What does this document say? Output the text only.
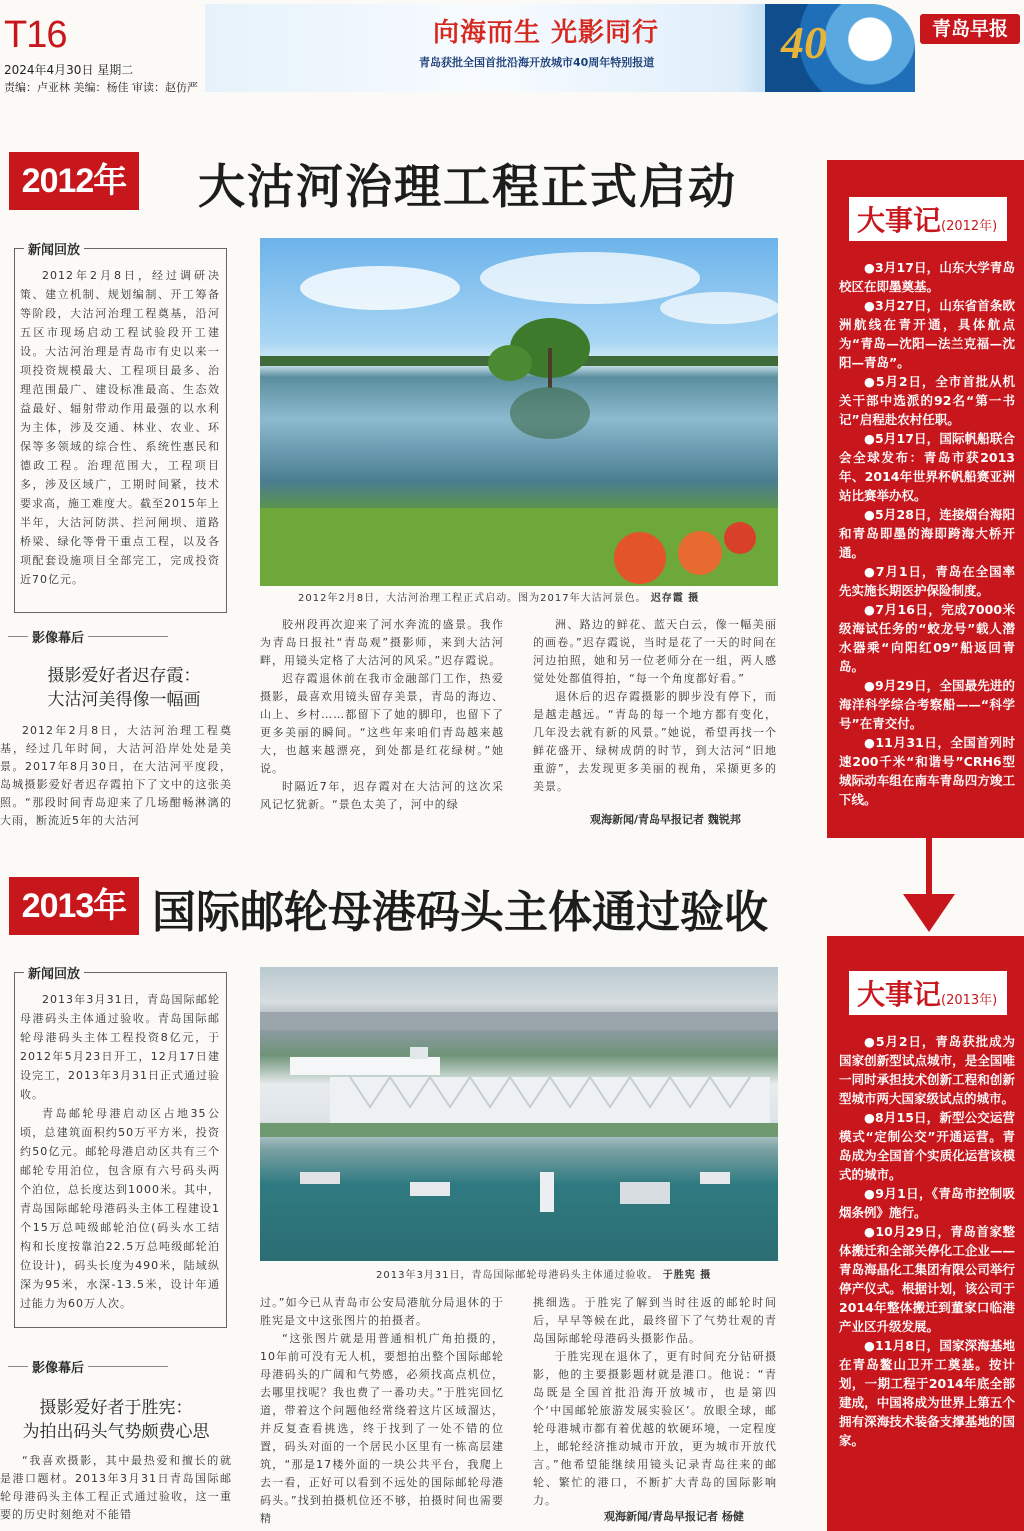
T16
2024年4月30日 星期二
责编：卢亚林 美编：杨佳 审读：赵仿严
向海而生 光影同行
青岛获批全国首批沿海开放城市40周年特别报道	40	青岛早报
2012年 大沽河治理工程正式启动
新闻回放
2012年2月8日，经过调研决策、建立机制、规划编制、开工筹备等阶段，大沽河治理工程奠基，沿河五区市现场启动工程试验段开工建设。大沽河治理是青岛市有史以来一项投资规模最大、工程项目最多、治理范围最广、建设标准最高、生态效益最好、辐射带动作用最强的以水利为主体，涉及交通、林业、农业、环保等多领域的综合性、系统性惠民和德政工程。治理范围大，工程项目多，涉及区域广，工期时间紧，技术要求高，施工难度大。截至2015年上半年，大沽河防洪、拦河闸坝、道路桥梁、绿化等骨干重点工程，以及各项配套设施项目全部完工，完成投资近70亿元。
影像幕后
摄影爱好者迟存霞：
大沽河美得像一幅画

2012年2月8日，大沽河治理工程奠基，经过几年时间，大沽河沿岸处处是美景。2017年8月30日，在大沽河平度段，岛城摄影爱好者迟存霞拍下了文中的这张美照。“那段时间青岛迎来了几场酣畅淋漓的大雨，断流近5年的大沽河

2012年2月8日，大沽河治理工程正式启动。图为2017年大沽河景色。 迟存霞 摄

胶州段再次迎来了河水奔流的盛景。我作为青岛日报社“青岛观”摄影师，来到大沽河畔，用镜头定格了大沽河的风采。”迟存霞说。

迟存霞退休前在我市金融部门工作，热爱摄影，最喜欢用镜头留存美景，青岛的海边、山上、乡村……都留下了她的脚印，也留下了更多美丽的瞬间。“这些年来咱们青岛越来越大，也越来越漂亮，到处都是红花绿树。”她说。

时隔近7年，迟存霞对在大沽河的这次采风记忆犹新。“景色太美了，河中的绿

洲、路边的鲜花、蓝天白云，像一幅美丽的画卷。”迟存霞说，当时是花了一天的时间在河边拍照，她和另一位老师分在一组，两人感觉处处都值得拍，“每一个角度都好看。”

退休后的迟存霞摄影的脚步没有停下，而是越走越远。“青岛的每一个地方都有变化，几年没去就有新的风景。”她说，希望再找一个鲜花盛开、绿树成荫的时节，到大沽河“旧地重游”，去发现更多美丽的视角，采撷更多的美景。

观海新闻/青岛早报记者 魏锐邦
2013年 国际邮轮母港码头主体通过验收
新闻回放
2013年3月31日，青岛国际邮轮母港码头主体通过验收。青岛国际邮轮母港码头主体工程投资8亿元，于2012年5月23日开工，12月17日建设完工，2013年3月31日正式通过验收。
青岛邮轮母港启动区占地35公顷，总建筑面积约50万平方米，投资约50亿元。邮轮母港启动区共有三个邮轮专用泊位，包含原有六号码头两个泊位，总长度达到1000米。其中，青岛国际邮轮母港码头主体工程建设1个15万总吨级邮轮泊位(码头水工结构和长度按靠泊22.5万总吨级邮轮泊位设计)，码头长度为490米，陆域纵深为95米，水深-13.5米，设计年通过能力为60万人次。
影像幕后
摄影爱好者于胜宪：
为拍出码头气势颇费心思

“我喜欢摄影，其中最热爱和擅长的就是港口题材。2013年3月31日青岛国际邮轮母港码头主体工程正式通过验收，这一重要的历史时刻绝对不能错

2013年3月31日，青岛国际邮轮母港码头主体通过验收。 于胜宪 摄

过。”如今已从青岛市公安局港航分局退休的于胜宪是文中这张图片的拍摄者。

“这张图片就是用普通相机广角拍摄的，10年前可没有无人机，要想拍出整个国际邮轮母港码头的广阔和气势感，必须找高点机位，去哪里找呢？我也费了一番功夫。”于胜宪回忆道，带着这个问题他经常绕着这片区域溜达，并反复查看挑选，终于找到了一处不错的位置，码头对面的一个居民小区里有一栋高层建筑，“那是17楼外面的一块公共平台，我爬上去一看，正好可以看到不远处的国际邮轮母港码头。”找到拍摄机位还不够，拍摄时间也需要精

挑细选。于胜宪了解到当时往返的邮轮时间后，早早等候在此，最终留下了气势壮观的青岛国际邮轮母港码头摄影作品。

于胜宪现在退休了，更有时间充分钻研摄影，他的主要摄影题材就是港口。他说：“青岛既是全国首批沿海开放城市，也是第四个‘中国邮轮旅游发展实验区’。放眼全球，邮轮母港城市都有着优越的软硬环境，一定程度上，邮轮经济推动城市开放，更为城市开放代言。”他希望能继续用镜头记录青岛往来的邮轮、繁忙的港口，不断扩大青岛的国际影响力。

观海新闻/青岛早报记者 杨健
大事记(2012年)

●3月17日，山东大学青岛校区在即墨奠基。

●3月27日，山东省首条欧洲航线在青开通，具体航点为“青岛—沈阳—法兰克福—沈阳—青岛”。

●5月2日，全市首批从机关干部中选派的92名“第一书记”启程赴农村任职。

●5月17日，国际帆船联合会全球发布：青岛市获2013年、2014年世界杯帆船赛亚洲站比赛举办权。

●5月28日，连接烟台海阳和青岛即墨的海即跨海大桥开通。

●7月1日，青岛在全国率先实施长期医护保险制度。

●7月16日，完成7000米级海试任务的“蛟龙号”载人潜水器乘“向阳红09”船返回青岛。

●9月29日，全国最先进的海洋科学综合考察船——“科学号”在青交付。

●11月31日，全国首列时速200千米“和谐号”CRH6型城际动车组在南车青岛四方竣工下线。

大事记(2013年)

●5月2日，青岛获批成为国家创新型试点城市，是全国唯一同时承担技术创新工程和创新型城市两大国家级试点的城市。

●8月15日，新型公交运营模式“定制公交”开通运营。青岛成为全国首个实质化运营该模式的城市。

●9月1日，《青岛市控制吸烟条例》施行。

●10月29日，青岛首家整体搬迁和全部关停化工企业——青岛海晶化工集团有限公司举行停产仪式。根据计划，该公司于2014年整体搬迁到董家口临港产业区升级发展。

●11月8日，国家深海基地在青岛鳌山卫开工奠基。按计划，一期工程于2014年底全部建成，中国将成为世界上第五个拥有深海技术装备支撑基地的国家。
